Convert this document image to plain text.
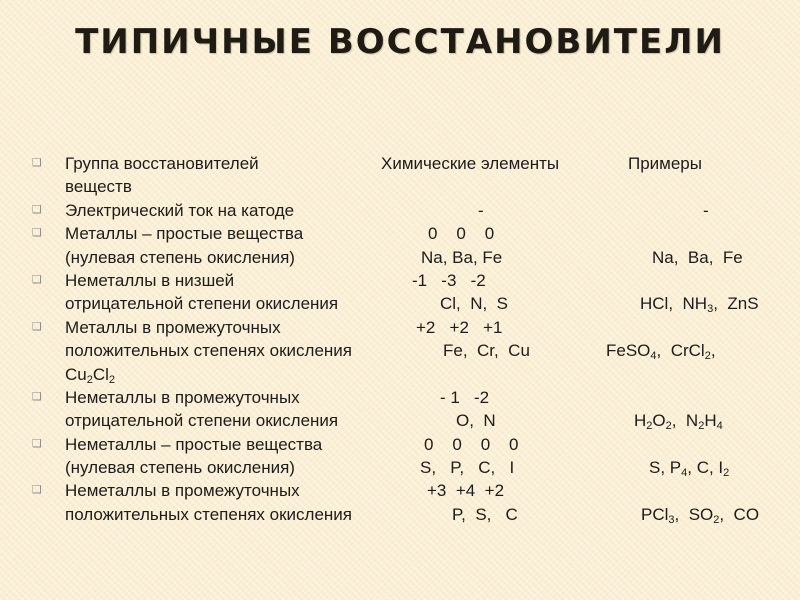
ТИПИЧНЫЕ ВОССТАНОВИТЕЛИ
❑ Группа восстановителей	Химические элементы	Примеры
веществ
❑ Электрический ток на катоде	-	-
❑ Металлы – простые вещества	0    0    0
(нулевая степень окисления)	Na, Ba, Fe	Na,  Ba,  Fe
❑ Неметаллы в низшей	-1   -3   -2
отрицательной степени окисления	Cl,  N,  S	HCl,  $NH_3$,  ZnS
❑ Металлы в промежуточных	+2   +2   +1
положительных степенях окисления	Fe,  Cr,  Cu	FeSO$_4$,  CrCl$_2$,
$Cu_2Cl_2$
❑ Неметаллы в промежуточных	- 1   -2
отрицательной степени окисления	O,  N	$H_2O_2$,  $N_2H_4$
❑ Неметаллы – простые вещества	0    0    0    0
(нулевая степень окисления)	S,   P,   C,   I	S, $P_4$, C, $I_2$
❑ Неметаллы в промежуточных	+3  +4  +2
положительных степенях окисления	P,  S,   C	PCl$_3$,  $SO_2$,  CO
